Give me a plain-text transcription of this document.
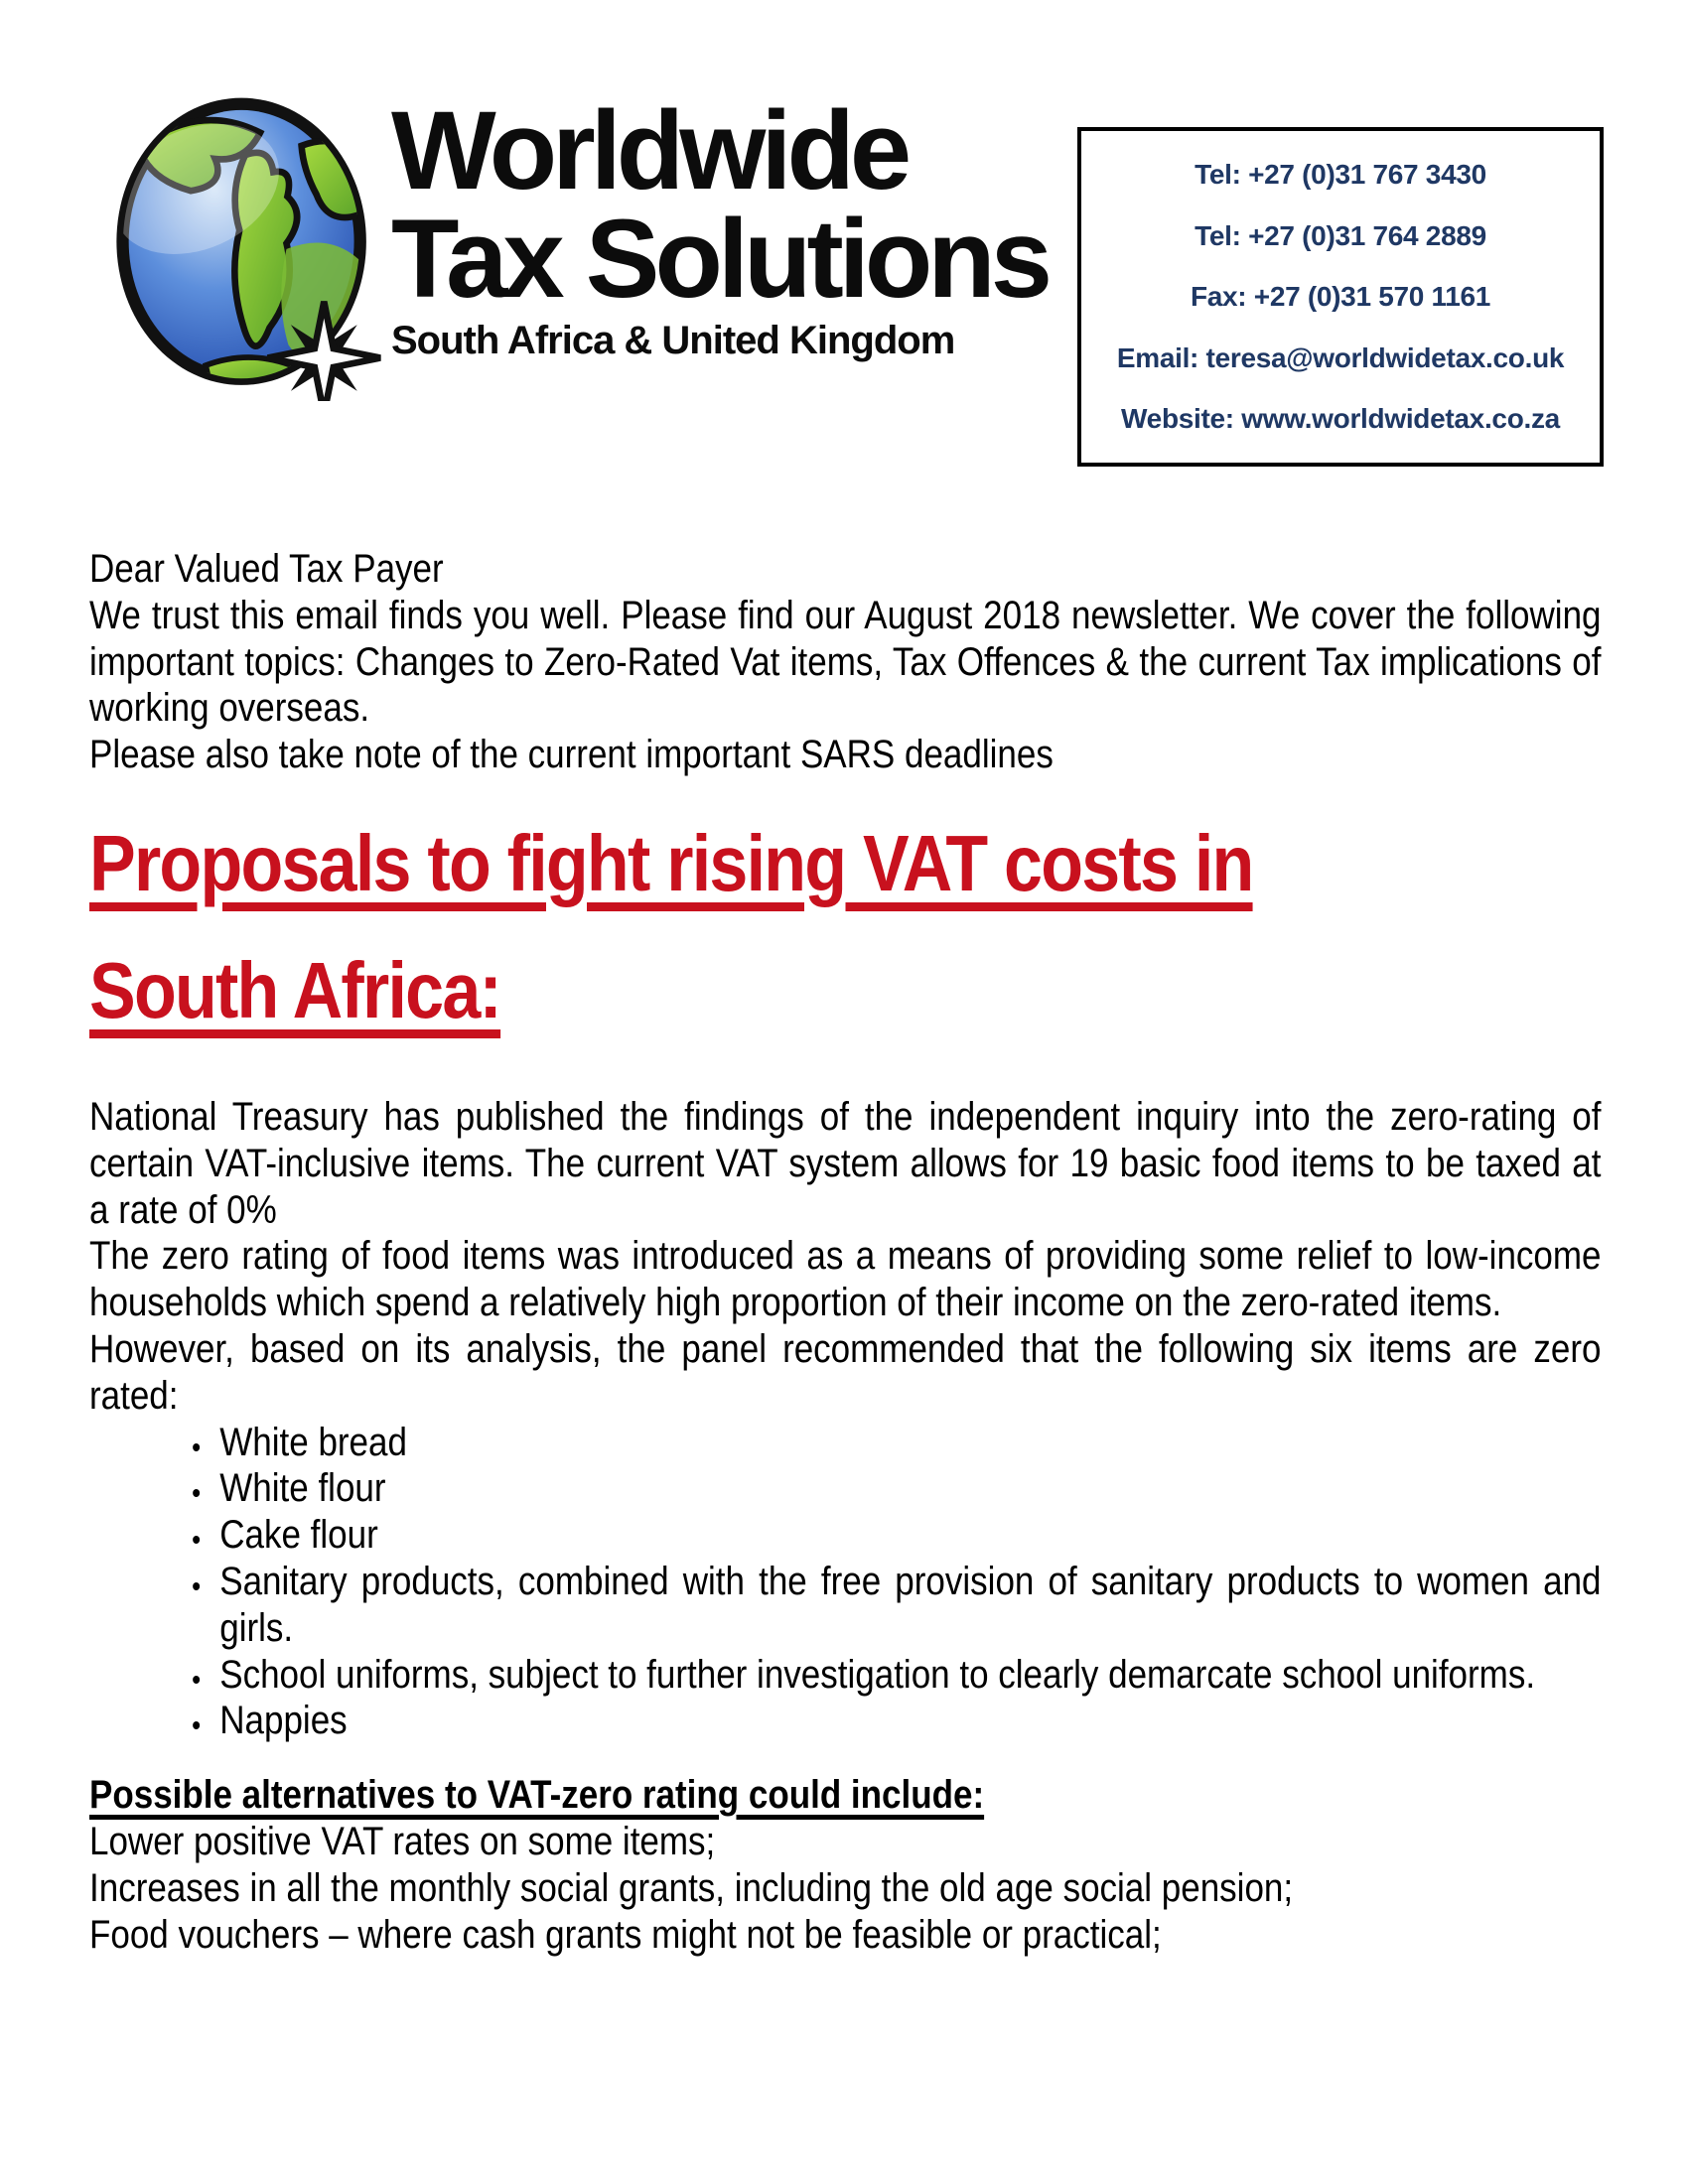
Worldwide
Tax Solutions
South Africa & United Kingdom
Tel: +27 (0)31 767 3430
Tel: +27 (0)31 764 2889
Fax: +27 (0)31 570 1161
Email: teresa@worldwidetax.co.uk
Website: www.worldwidetax.co.za

Dear Valued Tax Payer

We trust this email finds you well. Please find our August 2018 newsletter. We cover the following important topics: Changes to Zero-Rated Vat items, Tax Offences & the current Tax implications of working overseas.

Please also take note of the current important SARS deadlines

Proposals to fight rising VAT costs in
South Africa:

National Treasury has published the findings of the independent inquiry into the zero-rating of certain VAT-inclusive items. The current VAT system allows for 19 basic food items to be taxed at a rate of 0%

The zero rating of food items was introduced as a means of providing some relief to low-income households which spend a relatively high proportion of their income on the zero-rated items.

However, based on its analysis, the panel recommended that the following six items are zero rated:

• White bread
• White flour
• Cake flour
• Sanitary products, combined with the free provision of sanitary products to women and girls.
• School uniforms, subject to further investigation to clearly demarcate school uniforms.
• Nappies
Possible alternatives to VAT-zero rating could include:

Lower positive VAT rates on some items;

Increases in all the monthly social grants, including the old age social pension;

Food vouchers – where cash grants might not be feasible or practical;
